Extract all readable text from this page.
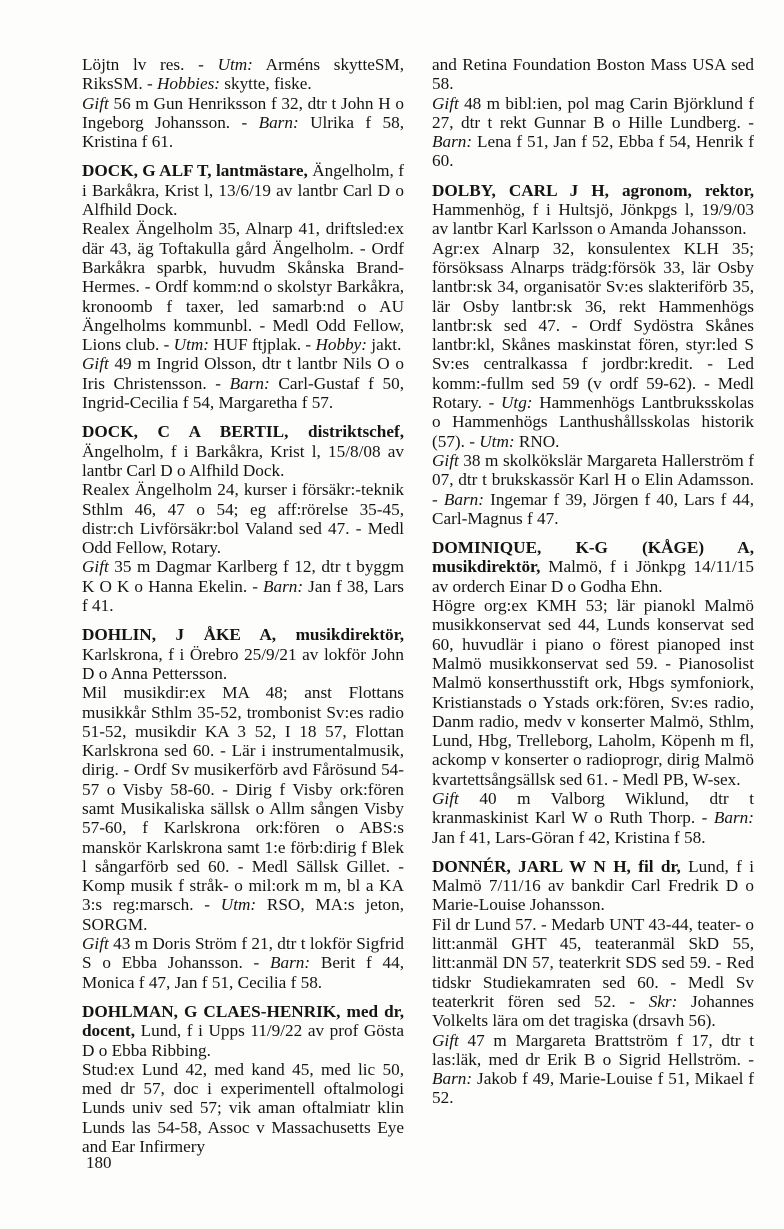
Löjtn lv res. - Utm: Arméns skytteSM, RiksSM. - Hobbies: skytte, fiske.

Gift 56 m Gun Henriksson f 32, dtr t John H o Ingeborg Johansson. - Barn: Ulrika f 58, Kristina f 61.

DOCK, G ALF T, lantmästare, Ängelholm, f i Barkåkra, Krist l, 13/6/19 av lantbr Carl D o Alfhild Dock.

Realex Ängelholm 35, Alnarp 41, driftsled:ex där 43, äg Toftakulla gård Ängelholm. - Ordf Barkåkra sparbk, huvudm Skånska Brand-Hermes. - Ordf komm:nd o skolstyr Barkåkra, kronoomb f taxer, led samarb:nd o AU Ängelholms kommunbl. - Medl Odd Fellow, Lions club. - Utm: HUF ftjplak. - Hobby: jakt.

Gift 49 m Ingrid Olsson, dtr t lantbr Nils O o Iris Christensson. - Barn: Carl-Gustaf f 50, Ingrid-Cecilia f 54, Margaretha f 57.

DOCK, C A BERTIL, distriktschef, Ängelholm, f i Barkåkra, Krist l, 15/8/08 av lantbr Carl D o Alfhild Dock.

Realex Ängelholm 24, kurser i försäkr:-teknik Sthlm 46, 47 o 54; eg aff:rörelse 35-45, distr:ch Livförsäkr:bol Valand sed 47. - Medl Odd Fellow, Rotary.

Gift 35 m Dagmar Karlberg f 12, dtr t byggm K O K o Hanna Ekelin. - Barn: Jan f 38, Lars f 41.

DOHLIN, J ÅKE A, musikdirektör, Karlskrona, f i Örebro 25/9/21 av lokför John D o Anna Pettersson.

Mil musikdir:ex MA 48; anst Flottans musikkår Sthlm 35-52, trombonist Sv:es radio 51-52, musikdir KA 3 52, I 18 57, Flottan Karlskrona sed 60. - Lär i instrumentalmusik, dirig. - Ordf Sv musikerförb avd Fårösund 54-57 o Visby 58-60. - Dirig f Visby ork:fören samt Musikaliska sällsk o Allm sången Visby 57-60, f Karlskrona ork:fören o ABS:s manskör Karlskrona samt 1:e förb:dirig f Blek l sångarförb sed 60. - Medl Sällsk Gillet. - Komp musik f stråk- o mil:ork m m, bl a KA 3:s reg:marsch. - Utm: RSO, MA:s jeton, SORGM.

Gift 43 m Doris Ström f 21, dtr t lokför Sigfrid S o Ebba Johansson. - Barn: Berit f 44, Monica f 47, Jan f 51, Cecilia f 58.

DOHLMAN, G CLAES-HENRIK, med dr, docent, Lund, f i Upps 11/9/22 av prof Gösta D o Ebba Ribbing.

Stud:ex Lund 42, med kand 45, med lic 50, med dr 57, doc i experimentell oftalmologi Lunds univ sed 57; vik aman oftalmiatr klin Lunds las 54-58, Assoc v Massachusetts Eye and Ear Infirmery

and Retina Foundation Boston Mass USA sed 58.

Gift 48 m bibl:ien, pol mag Carin Björklund f 27, dtr t rekt Gunnar B o Hille Lundberg. - Barn: Lena f 51, Jan f 52, Ebba f 54, Henrik f 60.

DOLBY, CARL J H, agronom, rektor, Hammenhög, f i Hultsjö, Jönkpgs l, 19/9/03 av lantbr Karl Karlsson o Amanda Johansson.

Agr:ex Alnarp 32, konsulentex KLH 35; försöksass Alnarps trädg:försök 33, lär Osby lantbr:sk 34, organisatör Sv:es slakteriförb 35, lär Osby lantbr:sk 36, rekt Hammenhögs lantbr:sk sed 47. - Ordf Sydöstra Skånes lantbr:kl, Skånes maskinstat fören, styr:led S Sv:es centralkassa f jordbr:kredit. - Led komm:-fullm sed 59 (v ordf 59-62). - Medl Rotary. - Utg: Hammenhögs Lantbruksskolas o Hammenhögs Lanthushållsskolas historik (57). - Utm: RNO.

Gift 38 m skolkökslär Margareta Hallerström f 07, dtr t brukskassör Karl H o Elin Adamsson. - Barn: Ingemar f 39, Jörgen f 40, Lars f 44, Carl-Magnus f 47.

DOMINIQUE, K-G (KÅGE) A, musikdirektör, Malmö, f i Jönkpg 14/11/15 av orderch Einar D o Godha Ehn.

Högre org:ex KMH 53; lär pianokl Malmö musikkonservat sed 44, Lunds konservat sed 60, huvudlär i piano o förest pianoped inst Malmö musikkonservat sed 59. - Pianosolist Malmö konserthusstift ork, Hbgs symfoniork, Kristianstads o Ystads ork:fören, Sv:es radio, Danm radio, medv v konserter Malmö, Sthlm, Lund, Hbg, Trelleborg, Laholm, Köpenh m fl, ackomp v konserter o radioprogr, dirig Malmö kvartettsångsällsk sed 61. - Medl PB, W-sex.

Gift 40 m Valborg Wiklund, dtr t kranmaskinist Karl W o Ruth Thorp. - Barn: Jan f 41, Lars-Göran f 42, Kristina f 58.

DONNÉR, JARL W N H, fil dr, Lund, f i Malmö 7/11/16 av bankdir Carl Fredrik D o Marie-Louise Johansson.

Fil dr Lund 57. - Medarb UNT 43-44, teater- o litt:anmäl GHT 45, teateranmäl SkD 55, litt:anmäl DN 57, teaterkrit SDS sed 59. - Red tidskr Studiekamraten sed 60. - Medl Sv teaterkrit fören sed 52. - Skr: Johannes Volkelts lära om det tragiska (drsavh 56).

Gift 47 m Margareta Brattström f 17, dtr t las:läk, med dr Erik B o Sigrid Hellström. - Barn: Jakob f 49, Marie-Louise f 51, Mikael f 52.

180
